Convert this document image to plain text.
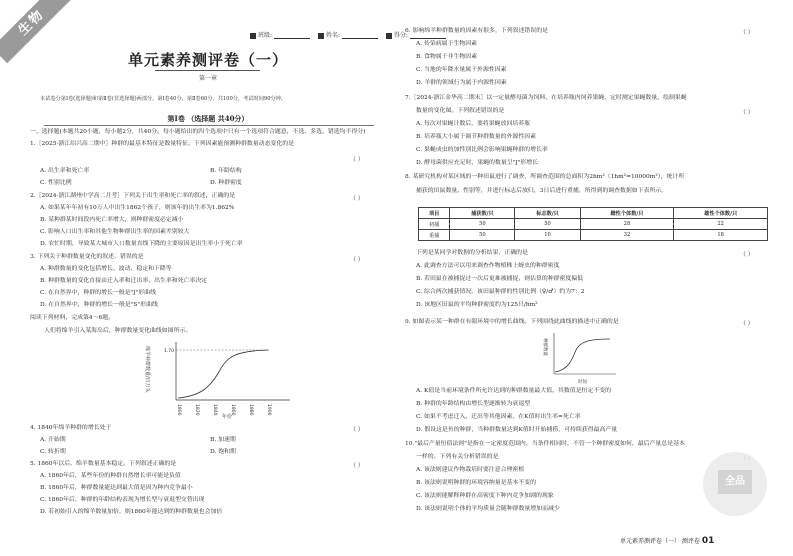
生物	班级:	姓名:	得分:
单元素养测评卷（一）
第一章
本试卷分第Ⅰ卷(选择题)和第Ⅱ卷(非选择题)两部分。第Ⅰ卷40分，第Ⅱ卷60分，共100分，考试时间90分钟。
第Ⅰ卷 （选择题 共40分）
一、选择题(本题共20小题，每小题2分，共40分。每小题给出的四个选项中只有一个选项符合题意，不选、多选、错选均不得分)
1.［2025·浙江绍兴高二期中］种群的最基本特征是数量特征。下列因素能预测种群数量动态变化的是
（ ）
A. 出生率和死亡率	B. 年龄结构
C. 性别比例	D. 种群密度
2.［2024·浙江湖州中学高二月考］下列关于出生率和死亡率的叙述，正确的是	（ ）
A. 如果某年年初有10万人中出生1862个孩子，则该年的出生率为1.862%
B. 某种群某时间段内死亡率增大，则种群密度必定减小
C. 影响人口出生率和其他生物种群出生率的因素差别较大
D. 农忙时期，导致某大城市人口数量直线下降的主要原因是出生率小于死亡率
3. 下列关于种群数量变化的叙述，错误的是	（ ）
A. 种群数量的变化包括增长、波动、稳定和下降等
B. 种群数量的变化直接由迁入率和迁出率、出生率和死亡率决定
C. 在自然界中，种群的增长一般是"J"形曲线
D. 在自然界中，种群的增长一般是"S"形曲线
阅读下列材料，完成第4～6题。
人们将绵羊引入某海岛后，种群数量变化曲线如图所示。
绵羊种群数量/百万头	1.70
1800	1820	1840	1860	1880	1900
年份
4. 1840年绵羊种群的增长处于	（ ）
A. 开始期	B. 加速期
C. 转折期	D. 饱和期
5. 1860年以后，绵羊数量基本稳定。下列叙述正确的是	（ ）
A. 1860年后，某些年份的种群自然增长率可能是负值
B. 1860年后，种群数量能达到最大值是因为种内竞争最小
C. 1860年后，种群的年龄结构表现为增长型与衰退型交替出现
D. 若初始引入的绵羊数量加倍，则1860年能达到的种群数量也会加倍
6. 影响绵羊种群数量的因素有很多，下列叙述错误的是	（ ）
A. 传染病属于生物因素
B. 食物属于非生物因素
C. 当地的年降水量属于外源性因素
D. 羊群的领域行为属于内源性因素
7.［2024·浙江金华高二期末］以一定量酵母菌为饲料，在培养瓶内饲养果蝇，定时测定果蝇数量，绘制果蝇
数量的变化图。下列叙述错误的是	（ ）
A. 每次对果蝇计数后，要将果蝇放回培养瓶
B. 培养瓶大小属于调节种群数量的外源性因素
C. 果蝇成虫的加性别比例会影响果蝇种群的增长率
D. 酵母菌供应充足时，果蝇的数量呈"J"形增长
8. 某研究机构对某区域的一种田鼠进行了调查，所调查范围的总面积为2hm²（1hm²=10000m²），统计所
捕获的田鼠数量、性别等，并进行标志后放归，3日后进行重捕，所得到的调查数据如下表所示。
项目	捕获数/只	标志数/只	雌性个体数/只	雄性个体数/只
初捕	50	50	28	22
重捕	50	10	32	18
下列是某同学对数据的分析结果，正确的是	（ ）
A. 此调查方法可以用来调查作物植株上蚜虫的种群密度
B. 若田鼠在被捕捉过一次后更难被捕捉，则估算的种群密度偏低
C. 综合两次捕获情况，该田鼠种群的性别比例（♀/♂）约为7：2
D. 该地区田鼠的平均种群密度约为125只/hm²
9. 如图表示某一种群在有限环境中的增长曲线。下列围绕此曲线的描述中正确的是	（ ）
种群数量
时间
A. K值是当前环境条件所允许达到的种群数量最大值，其数值是恒定不变的
B. 种群的年龄结构由增长型逐渐转为衰退型
C. 如果不考虑迁入、迁出等其他因素，在K值时出生率=死亡率
D. 假设这是鱼的种群，当种群数量达到K值时开始捕捞，可持续获得最高产量
10."最后产量恒值法则"是指在一定密度范围内，当条件相同时，不管一个种群密度如何，最后产量总是基本
一样的。下列有关分析错误的是
A. 该法则建议作物栽培时要注意合理密植
B. 该法则说明种群的环境容纳量是基本不变的
C. 该法则能解释种群在高密度下种内竞争加剧的现象
D. 该法则说明个体的平均质量会随种群数量增加而减少
全品
单元素养测评卷（一） 测评卷 01
